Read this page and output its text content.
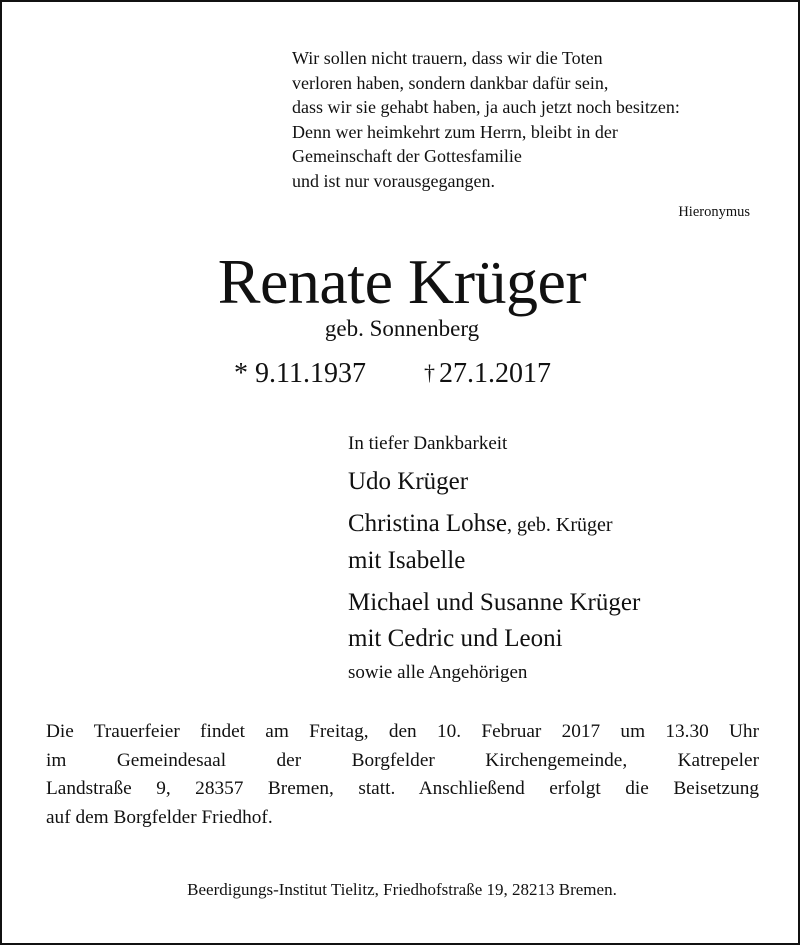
Wir sollen nicht trauern, dass wir die Toten
verloren haben, sondern dankbar dafür sein,
dass wir sie gehabt haben, ja auch jetzt noch besitzen:
Denn wer heimkehrt zum Herrn, bleibt in der
Gemeinschaft der Gottesfamilie
und ist nur vorausgegangen.
Hieronymus
Renate Krüger
geb. Sonnenberg
* 9.11.1937	† 27.1.2017
In tiefer Dankbarkeit
Udo Krüger
Christina Lohse, geb. Krüger
mit Isabelle
Michael und Susanne Krüger
mit Cedric und Leoni
sowie alle Angehörigen
Die Trauerfeier findet am Freitag, den 10. Februar 2017 um 13.30 Uhr
im Gemeindesaal der Borgfelder Kirchengemeinde, Katrepeler
Landstraße 9, 28357 Bremen, statt. Anschließend erfolgt die Beisetzung
auf dem Borgfelder Friedhof.
Beerdigungs-Institut Tielitz, Friedhofstraße 19, 28213 Bremen.
